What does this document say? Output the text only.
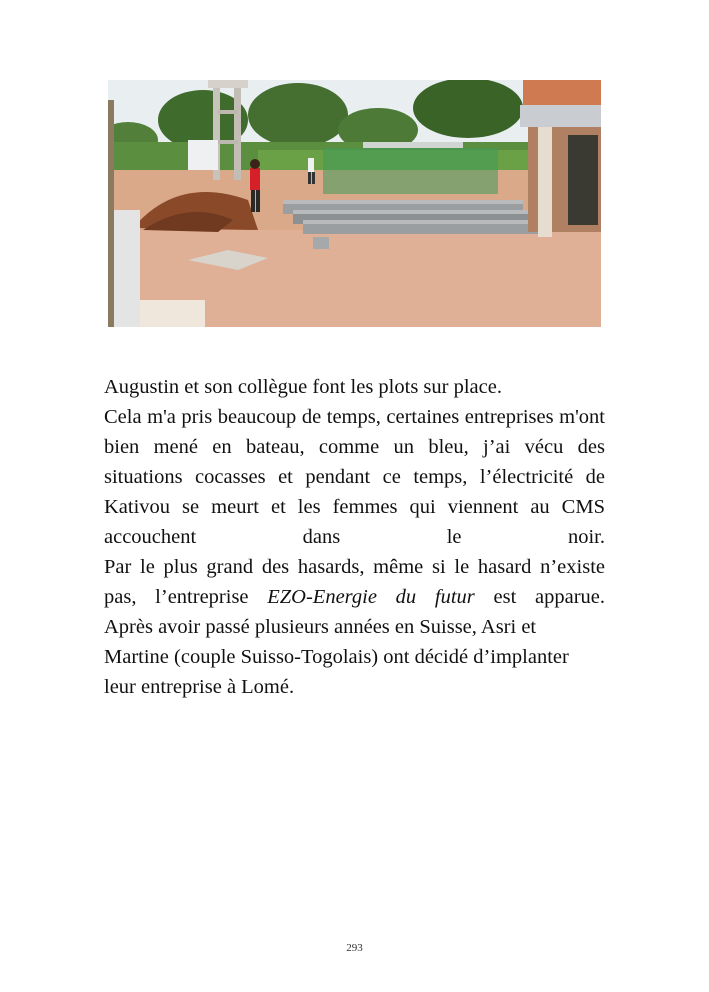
Augustin et son collègue font les plots sur place.

Cela m'a pris beaucoup de temps, certaines entreprises m'ont bien mené en bateau, comme un bleu, j’ai vécu des situations cocasses et pendant ce temps, l’électricité de Kativou se meurt et les femmes qui viennent au CMS accouchent dans le noir.

Par le plus grand des hasards, même si le hasard n’existe pas, l’entreprise EZO-Energie du futur est apparue.

Après avoir passé plusieurs années en Suisse, Asri et Martine (couple Suisso-Togolais) ont décidé d’implanter leur entreprise à Lomé.

293
